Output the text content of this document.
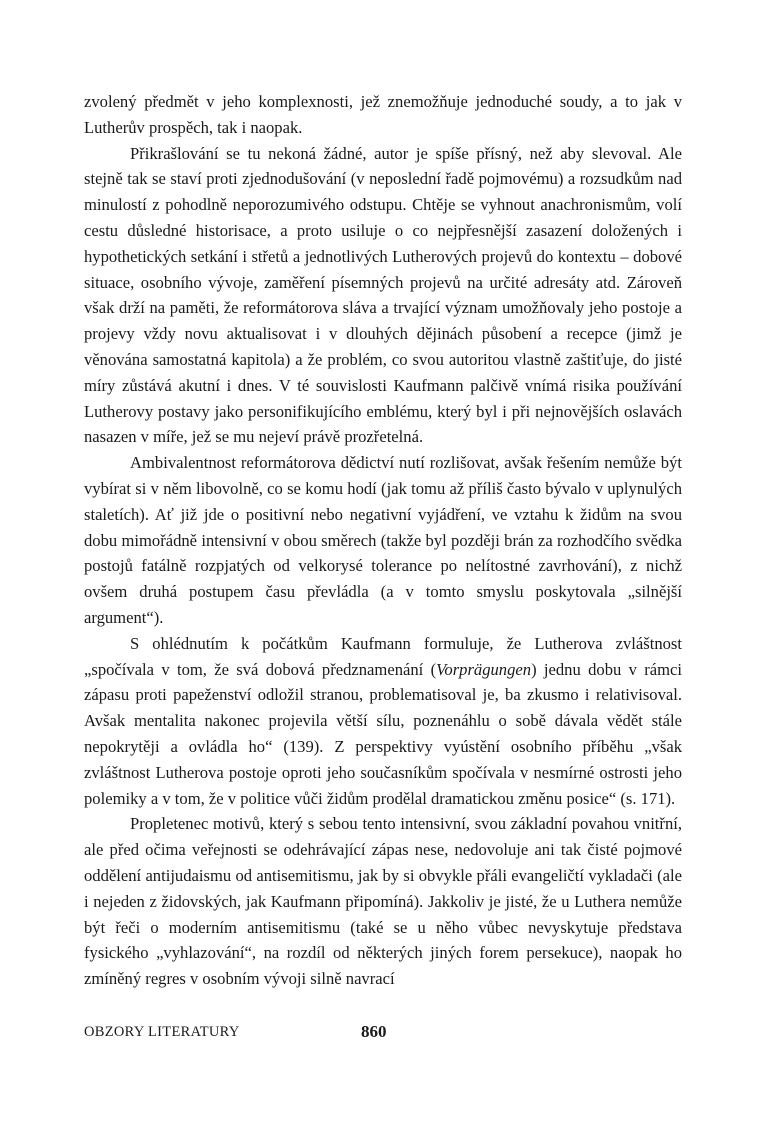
zvolený předmět v jeho komplexnosti, jež znemožňuje jednoduché soudy, a to jak v Lutherův prospěch, tak i naopak.

Přikrašlování se tu nekoná žádné, autor je spíše přísný, než aby slevoval. Ale stejně tak se staví proti zjednodušování (v neposlední řadě pojmovému) a rozsudkům nad minulostí z pohodlně neporozumivého odstupu. Chtěje se vyhnout anachronismům, volí cestu důsledné historisace, a proto usiluje o co nejpřesnější zasazení doložených i hypothetických setkání i střetů a jednotlivých Lutherových projevů do kontextu – dobové situace, osobního vývoje, zaměření písemných projevů na určité adresáty atd. Zároveň však drží na paměti, že reformátorova sláva a trvající význam umožňovaly jeho postoje a projevy vždy novu aktualisovat i v dlouhých dějinách působení a recepce (jimž je věnována samostatná kapitola) a že problém, co svou autoritou vlastně zaštiťuje, do jisté míry zůstává akutní i dnes. V té souvislosti Kaufmann palčivě vnímá risika používání Lutherovy postavy jako personifikujícího emblému, který byl i při nejnovějších oslavách nasazen v míře, jež se mu nejeví právě prozřetelná.

Ambivalentnost reformátorova dědictví nutí rozlišovat, avšak řešením nemůže být vybírat si v něm libovolně, co se komu hodí (jak tomu až příliš často bývalo v uplynulých staletích). Ať již jde o positivní nebo negativní vyjádření, ve vztahu k židům na svou dobu mimořádně intensivní v obou směrech (takže byl později brán za rozhodčího svědka postojů fatálně rozpjatých od velkorysé tolerance po nelítostné zavrhování), z nichž ovšem druhá postupem času převládla (a v tomto smyslu poskytovala „silnější argument“).

S ohlédnutím k počátkům Kaufmann formuluje, že Lutherova zvláštnost „spočívala v tom, že svá dobová předznamenání (Vorprägungen) jednu dobu v rámci zápasu proti papeženství odložil stranou, problematisoval je, ba zkusmo i relativisoval. Avšak mentalita nakonec projevila větší sílu, poznenáhlu o sobě dávala vědět stále nepokrytěji a ovládla ho“ (139). Z perspektivy vyústění osobního příběhu „však zvláštnost Lutherova postoje oproti jeho současníkům spočívala v nesmírné ostrosti jeho polemiky a v tom, že v politice vůči židům prodělal dramatickou změnu posice“ (s. 171).

Propletenec motivů, který s sebou tento intensivní, svou základní povahou vnitřní, ale před očima veřejnosti se odehrávající zápas nese, nedovoluje ani tak čisté pojmové oddělení antijudaismu od antisemitismu, jak by si obvykle přáli evangeličtí vykladači (ale i nejeden z židovských, jak Kaufmann připomíná). Jakkoliv je jisté, že u Luthera nemůže být řeči o moderním antisemitismu (také se u něho vůbec nevyskytuje představa fysického „vyhlazování“, na rozdíl od některých jiných forem persekuce), naopak ho zmíněný regres v osobním vývoji silně navrací

OBZORY LITERATURY	860
